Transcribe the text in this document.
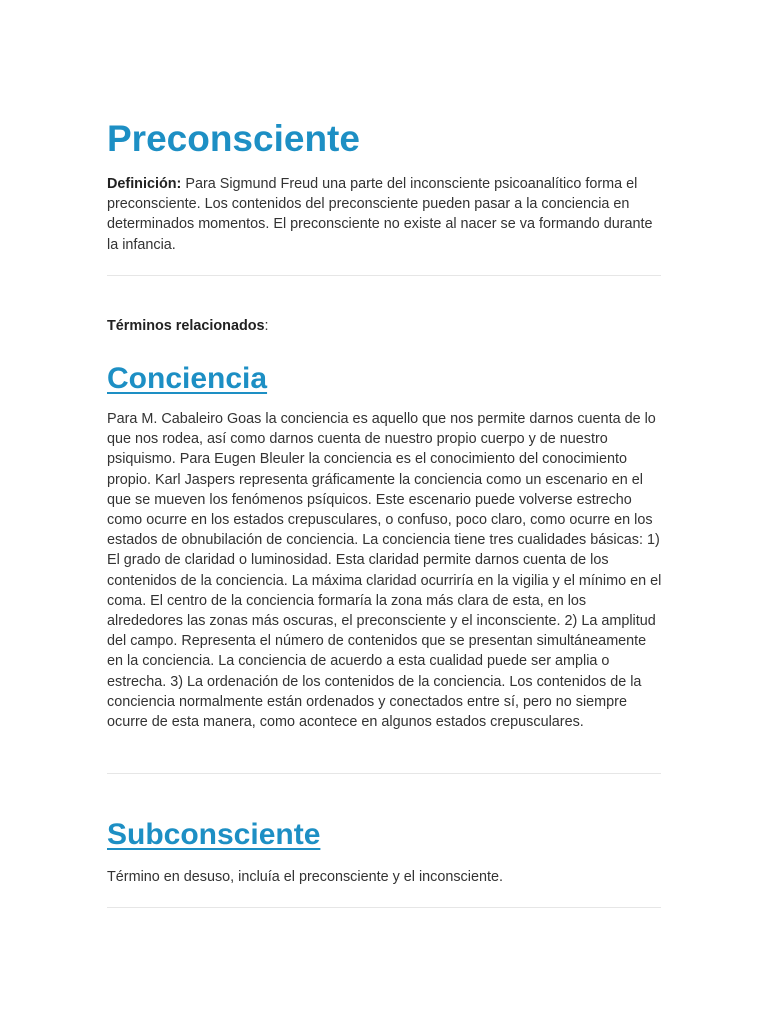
Preconsciente

Definición: Para Sigmund Freud una parte del inconsciente psicoanalítico forma el preconsciente. Los contenidos del preconsciente pueden pasar a la conciencia en determinados momentos. El preconsciente no existe al nacer se va formando durante la infancia.

Términos relacionados:

Conciencia

Para M. Cabaleiro Goas la conciencia es aquello que nos permite darnos cuenta de lo que nos rodea, así como darnos cuenta de nuestro propio cuerpo y de nuestro psiquismo. Para Eugen Bleuler la conciencia es el conocimiento del conocimiento propio. Karl Jaspers representa gráficamente la conciencia como un escenario en el que se mueven los fenómenos psíquicos. Este escenario puede volverse estrecho como ocurre en los estados crepusculares, o confuso, poco claro, como ocurre en los estados de obnubilación de conciencia. La conciencia tiene tres cualidades básicas: 1) El grado de claridad o luminosidad. Esta claridad permite darnos cuenta de los contenidos de la conciencia. La máxima claridad ocurriría en la vigilia y el mínimo en el coma. El centro de la conciencia formaría la zona más clara de esta, en los alrededores las zonas más oscuras, el preconsciente y el inconsciente. 2) La amplitud del campo. Representa el número de contenidos que se presentan simultáneamente en la conciencia. La conciencia de acuerdo a esta cualidad puede ser amplia o estrecha. 3) La ordenación de los contenidos de la conciencia. Los contenidos de la conciencia normalmente están ordenados y conectados entre sí, pero no siempre ocurre de esta manera, como acontece en algunos estados crepusculares.

Subconsciente

Término en desuso, incluía el preconsciente y el inconsciente.
